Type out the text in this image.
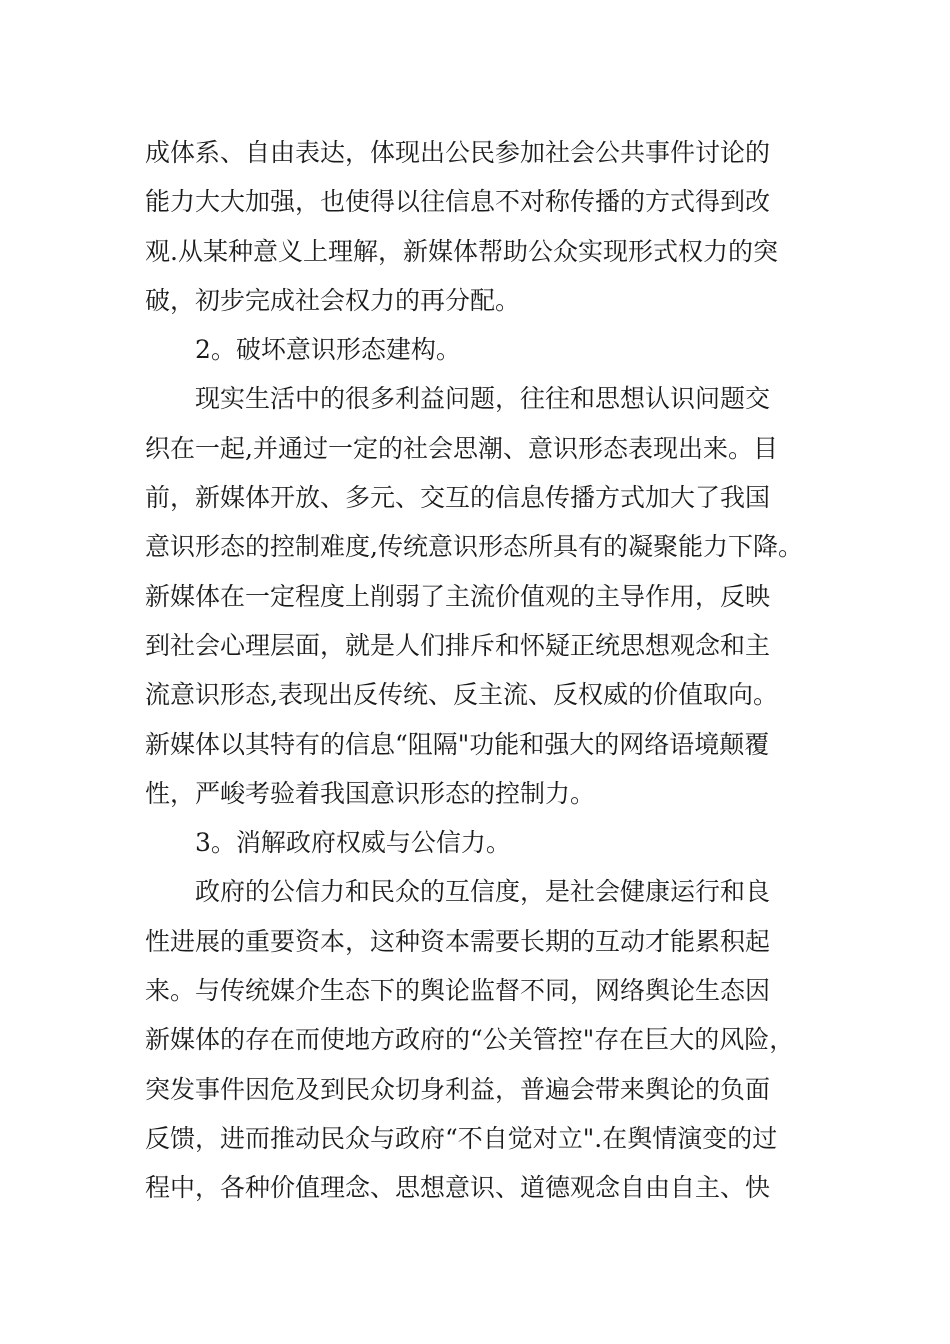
成体系、自由表达，体现出公民参加社会公共事件讨论的
能力大大加强，也使得以往信息不对称传播的方式得到改
观.从某种意义上理解，新媒体帮助公众实现形式权力的突
破，初步完成社会权力的再分配。
2。破坏意识形态建构。
现实生活中的很多利益问题，往往和思想认识问题交
织在一起,并通过一定的社会思潮、意识形态表现出来。目
前，新媒体开放、多元、交互的信息传播方式加大了我国
意识形态的控制难度,传统意识形态所具有的凝聚能力下降。
新媒体在一定程度上削弱了主流价值观的主导作用，反映
到社会心理层面，就是人们排斥和怀疑正统思想观念和主
流意识形态,表现出反传统、反主流、反权威的价值取向。
新媒体以其特有的信息“阻隔"功能和强大的网络语境颠覆
性，严峻考验着我国意识形态的控制力。
3。消解政府权威与公信力。
政府的公信力和民众的互信度，是社会健康运行和良
性进展的重要资本，这种资本需要长期的互动才能累积起
来。与传统媒介生态下的舆论监督不同，网络舆论生态因
新媒体的存在而使地方政府的“公关管控"存在巨大的风险，
突发事件因危及到民众切身利益，普遍会带来舆论的负面
反馈，进而推动民众与政府“不自觉对立".在舆情演变的过
程中，各种价值理念、思想意识、道德观念自由自主、快
